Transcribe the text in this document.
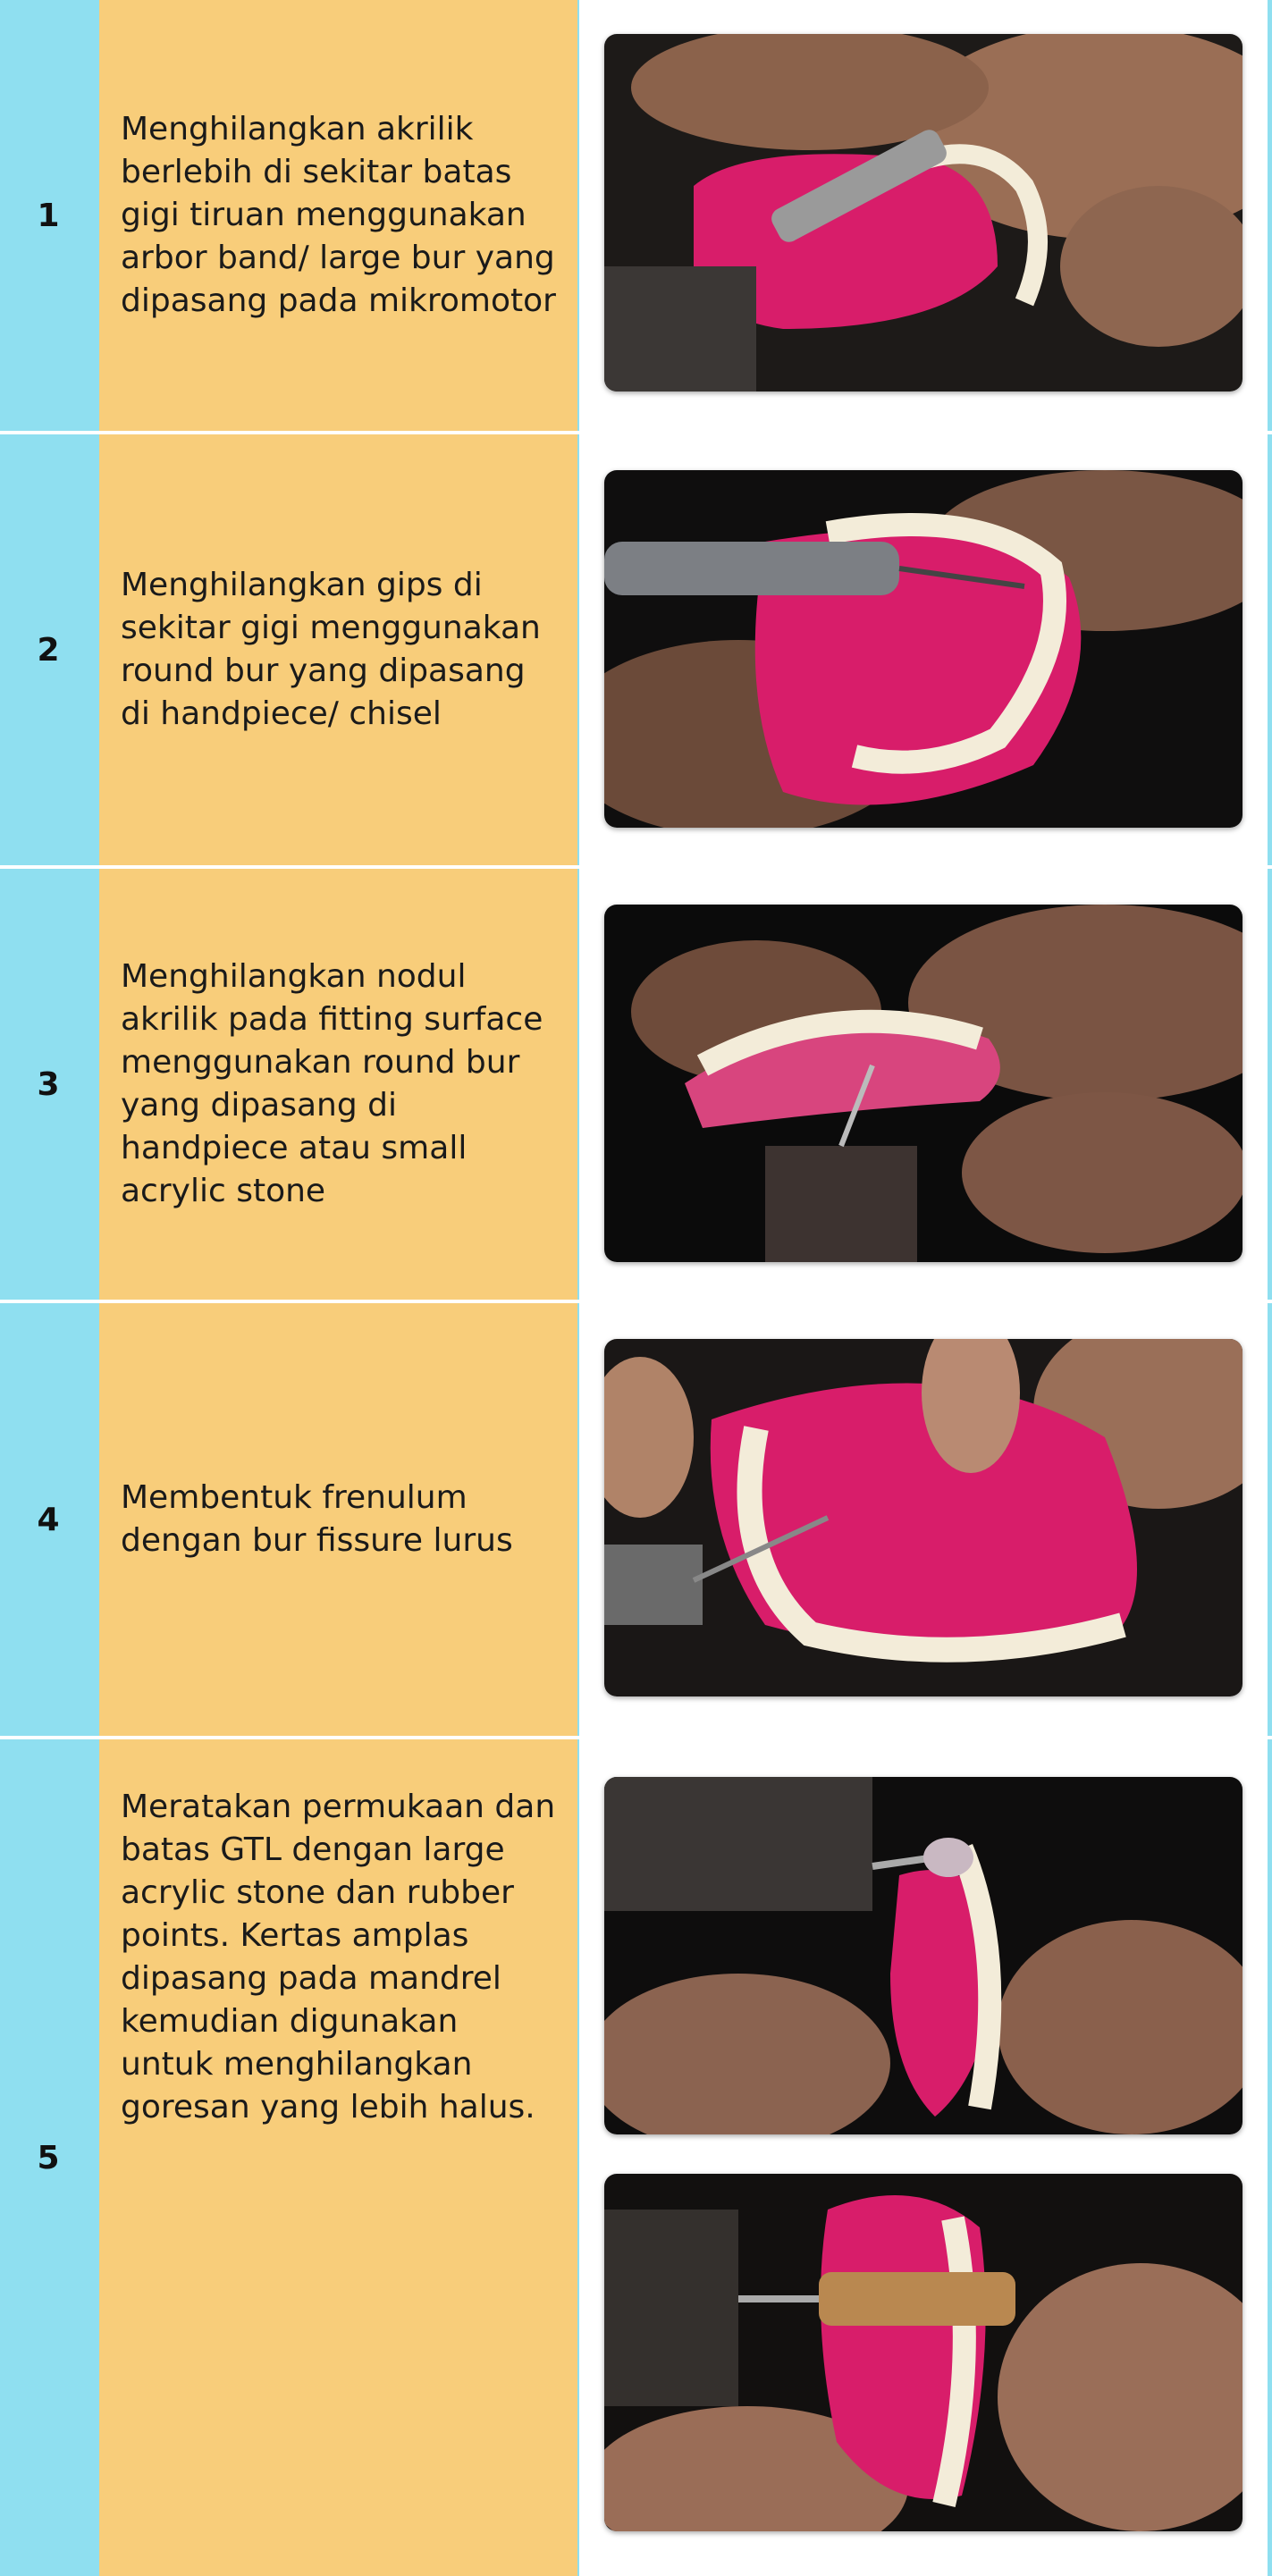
1
Menghilangkan akrilik berlebih di sekitar batas gigi tiruan menggunakan arbor band/ large bur yang dipasang pada mikromotor
2
Menghilangkan gips di sekitar gigi menggunakan round bur yang dipasang di handpiece/ chisel
3
Menghilangkan nodul akrilik pada fitting surface menggunakan round bur yang dipasang di handpiece atau small acrylic stone
4
Membentuk frenulum dengan bur fissure lurus
5
Meratakan permukaan dan batas GTL dengan large acrylic stone dan rubber points. Kertas amplas dipasang pada mandrel kemudian digunakan untuk menghilangkan goresan yang lebih halus.
